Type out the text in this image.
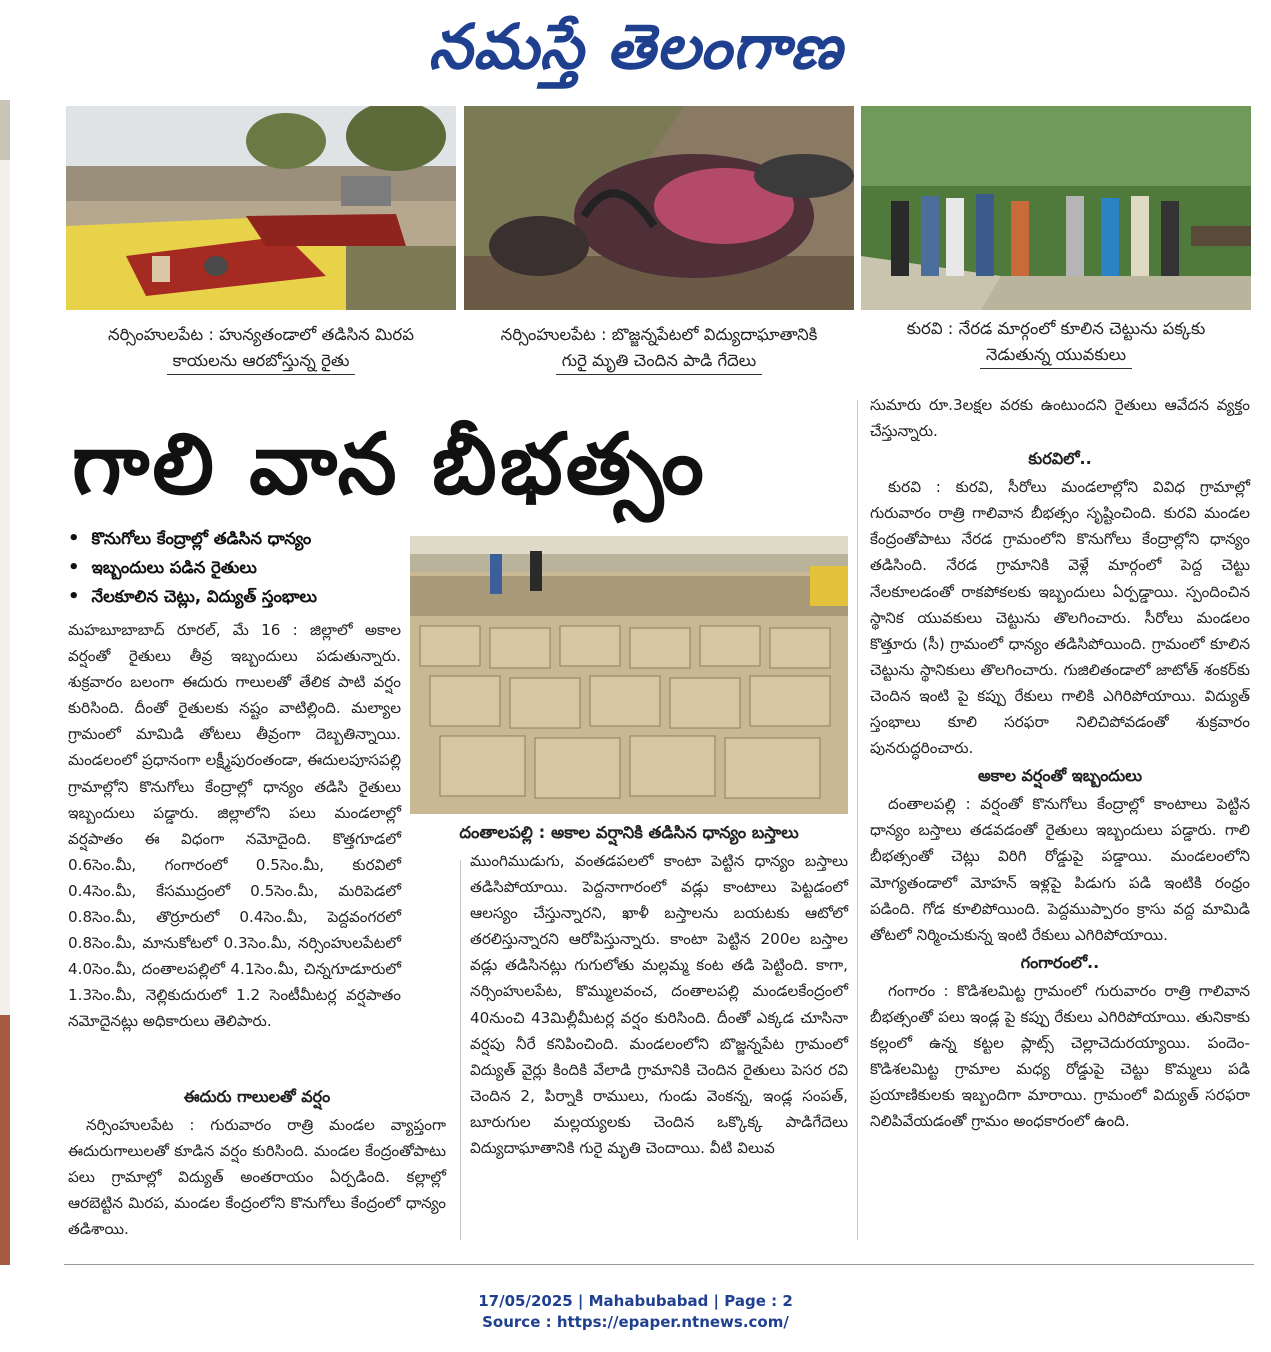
నమస్తే తెలంగాణ
నర్సింహులపేట : హున్యతండాలో తడిసిన మిరప
కాయలను ఆరబోస్తున్న రైతు
నర్సింహులపేట : బొజ్జన్నపేటలో విద్యుదాఘాతానికి
గురై మృతి చెందిన పాడి గేదెలు
కురవి : నేరడ మార్గంలో కూలిన చెట్టును పక్కకు
నెడుతున్న యువకులు
గాలి వాన బీభత్సం
• కొనుగోలు కేంద్రాల్లో తడిసిన ధాన్యం
• ఇబ్బందులు పడిన రైతులు
• నేలకూలిన చెట్లు, విద్యుత్‌ స్తంభాలు
దంతాలపల్లి : అకాల వర్షానికి తడిసిన ధాన్యం బస్తాలు

మహబూబాబాద్‌ రూరల్‌, మే 16 : జిల్లాలో అకాల వర్షంతో రైతులు తీవ్ర ఇబ్బందులు పడుతున్నారు. శుక్రవారం బలంగా ఈదురు గాలులతో తేలిక పాటి వర్షం కురిసింది. దీంతో రైతులకు నష్టం వాటిల్లింది. మల్యాల గ్రామంలో మామిడి తోటలు తీవ్రంగా దెబ్బతిన్నాయి. మండలంలో ప్రధానంగా లక్ష్మీపురంతండా, ఈదులపూసపల్లి గ్రామాల్లోని కొనుగోలు కేంద్రాల్లో ధాన్యం తడిసి రైతులు ఇబ్బందులు పడ్డారు. జిల్లాలోని పలు మండలాల్లో వర్షపాతం ఈ విధంగా నమోదైంది. కొత్తగూడలో 0.6సెం.మీ, గంగారంలో 0.5సెం.మీ, కురవిలో 0.4సెం.మీ, కేసముద్రంలో 0.5సెం.మీ, మరిపెడలో 0.8సెం.మీ, తొర్రూరులో 0.4సెం.మీ, పెద్దవంగరలో 0.8సెం.మీ, మానుకోటలో 0.3సెం.మీ, నర్సింహులపేటలో 4.0సెం.మీ, దంతాలపల్లిలో 4.1సెం.మీ, చిన్నగూడూరులో 1.3సెం.మీ, నెల్లికుదురులో 1.2 సెంటీమీటర్ల వర్షపాతం నమోదైనట్లు అధికారులు తెలిపారు.

ఈదురు గాలులతో వర్షం

నర్సింహులపేట : గురువారం రాత్రి మండల వ్యాప్తంగా ఈదురుగాలులతో కూడిన వర్షం కురిసింది. మండల కేంద్రంతోపాటు పలు గ్రామాల్లో విద్యుత్‌ అంతరాయం ఏర్పడింది. కల్లాల్లో ఆరబెట్టిన మిరప, మండల కేంద్రంలోని కొనుగోలు కేంద్రంలో ధాన్యం తడిశాయి.

ముంగిముడుగు, వంతడపలలో కాంటా పెట్టిన ధాన్యం బస్తాలు తడిసిపోయాయి. పెద్దనాగారంలో వడ్లు కాంటాలు పెట్టడంలో ఆలస్యం చేస్తున్నారని, ఖాళీ బస్తాలను బయటకు ఆటోలో తరలిస్తున్నారని ఆరోపిస్తున్నారు. కాంటా పెట్టిన 200ల బస్తాల వడ్లు తడిసినట్లు గుగులోతు మల్లమ్మ కంట తడి పెట్టింది. కాగా, నర్సింహులపేట, కొమ్ములవంచ, దంతాలపల్లి మండలకేంద్రంలో 40నుంచి 43మిల్లీమీటర్ల వర్షం కురిసింది. దీంతో ఎక్కడ చూసినా వర్షపు నీరే కనిపించింది. మండలంలోని బొజ్జన్నపేట గ్రామంలో విద్యుత్‌ వైర్లు కిందికి వేలాడి గ్రామానికి చెందిన రైతులు పెసర రవి చెందిన 2, పిర్నాకి రాములు, గుండు వెంకన్న, ఇండ్ల సంపత్‌, బూరుగుల మల్లయ్యలకు చెందిన ఒక్కొక్క పాడిగేదెలు విద్యుదాఘాతానికి గురై మృతి చెందాయి. వీటి విలువ

సుమారు రూ.3లక్షల వరకు ఉంటుందని రైతులు ఆవేదన వ్యక్తం చేస్తున్నారు.

కురవిలో..

కురవి : కురవి, సీరోలు మండలాల్లోని వివిధ గ్రామాల్లో గురువారం రాత్రి గాలివాన బీభత్సం సృష్టించింది. కురవి మండల కేంద్రంతోపాటు నేరడ గ్రామంలోని కొనుగోలు కేంద్రాల్లోని ధాన్యం తడిసింది. నేరడ గ్రామానికి వెళ్లే మార్గంలో పెద్ద చెట్టు నేలకూలడంతో రాకపోకలకు ఇబ్బందులు ఏర్పడ్డాయి. స్పందించిన స్థానిక యువకులు చెట్టును తొలగించారు. సీరోలు మండలం కొత్తూరు (సీ) గ్రామంలో ధాన్యం తడిసిపోయింది. గ్రామంలో కూలిన చెట్టును స్థానికులు తొలగించారు. గుజిలితండాలో జాటోత్‌ శంకర్‌కు చెందిన ఇంటి పై కప్పు రేకులు గాలికి ఎగిరిపోయాయి. విద్యుత్‌ స్తంభాలు కూలి సరఫరా నిలిచిపోవడంతో శుక్రవారం పునరుద్ధరించారు.

అకాల వర్షంతో ఇబ్బందులు

దంతాలపల్లి : వర్షంతో కొనుగోలు కేంద్రాల్లో కాంటాలు పెట్టిన ధాన్యం బస్తాలు తడవడంతో రైతులు ఇబ్బందులు పడ్డారు. గాలి బీభత్సంతో చెట్లు విరిగి రోడ్డుపై పడ్డాయి. మండలంలోని మోగ్యతండాలో మోహన్‌ ఇళ్లపై పిడుగు పడి ఇంటికి రంధ్రం పడింది. గోడ కూలిపోయింది. పెద్దముప్పారం క్రాసు వద్ద మామిడి తోటలో నిర్మించుకున్న ఇంటి రేకులు ఎగిరిపోయాయి.

గంగారంలో..

గంగారం : కొడిశలమిట్ట గ్రామంలో గురువారం రాత్రి గాలివాన బీభత్సంతో పలు ఇండ్ల పై కప్పు రేకులు ఎగిరిపోయాయి. తునికాకు కల్లంలో ఉన్న కట్టల ప్లాట్స్‌ చెల్లాచెదురయ్యాయి. పందెం-కొడిశలమిట్ట గ్రామాల మధ్య రోడ్డుపై చెట్టు కొమ్మలు పడి ప్రయాణికులకు ఇబ్బందిగా మారాయి. గ్రామంలో విద్యుత్‌ సరఫరా నిలిపివేయడంతో గ్రామం అంధకారంలో ఉంది.

17/05/2025 | Mahabubabad | Page : 2
Source : https://epaper.ntnews.com/
